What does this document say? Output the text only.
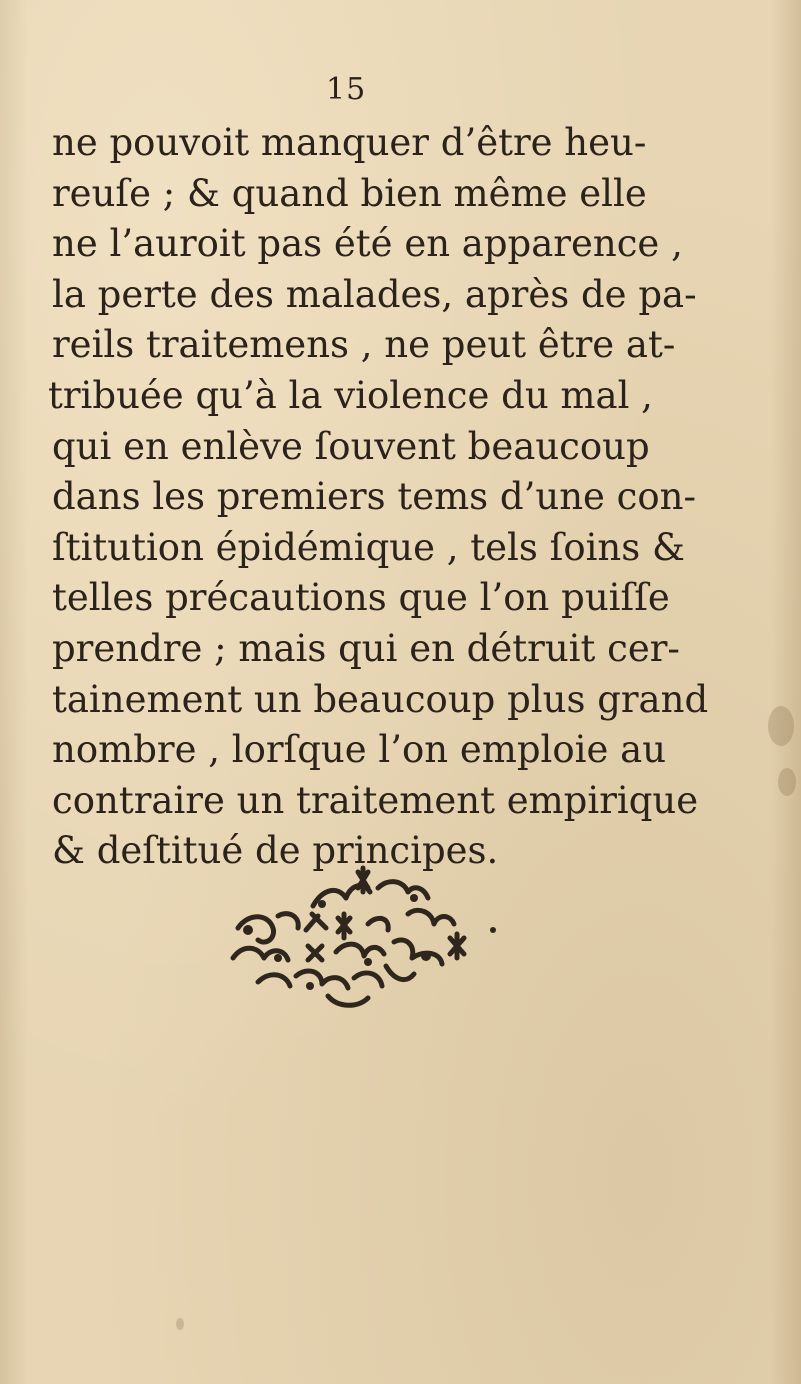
15
ne pouvoit manquer d’être heu-
reuſe ; & quand bien même elle
ne l’auroit pas été en apparence ,
la perte des malades, après de pa-
reils traitemens , ne peut être at-
tribuée qu’à la violence du mal ,
qui en enlève ſouvent beaucoup
dans les premiers tems d’une con-
ſtitution épidémique , tels ſoins &
telles précautions que l’on puiſſe
prendre ; mais qui en détruit cer-
tainement un beaucoup plus grand
nombre , lorſque l’on emploie au
contraire un traitement empirique
& deſtitué de principes.
